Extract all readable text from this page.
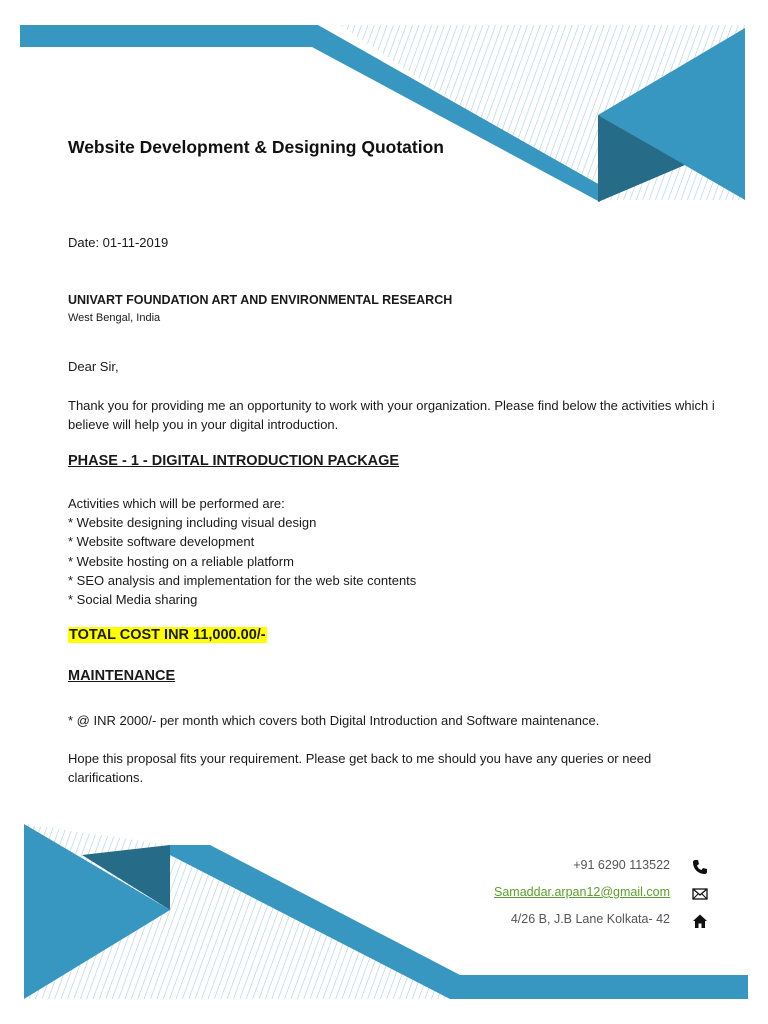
Website Development & Designing Quotation
Date: 01-11-2019
UNIVART FOUNDATION ART AND ENVIRONMENTAL RESEARCH
West Bengal, India
Dear Sir,
Thank you for providing me an opportunity to work with your organization. Please find below the activities which i believe will help you in your digital introduction.
PHASE - 1 - DIGITAL INTRODUCTION PACKAGE
Activities which will be performed are:
* Website designing including visual design
* Website software development
* Website hosting on a reliable platform
* SEO analysis and implementation for the web site contents
* Social Media sharing
TOTAL COST INR 11,000.00/-
MAINTENANCE
* @ INR 2000/- per month which covers both Digital Introduction and Software maintenance.
Hope this proposal fits your requirement. Please get back to me should you have any queries or need clarifications.
+91 6290 113522
Samaddar.arpan12@gmail.com
4/26 B, J.B Lane Kolkata- 42
